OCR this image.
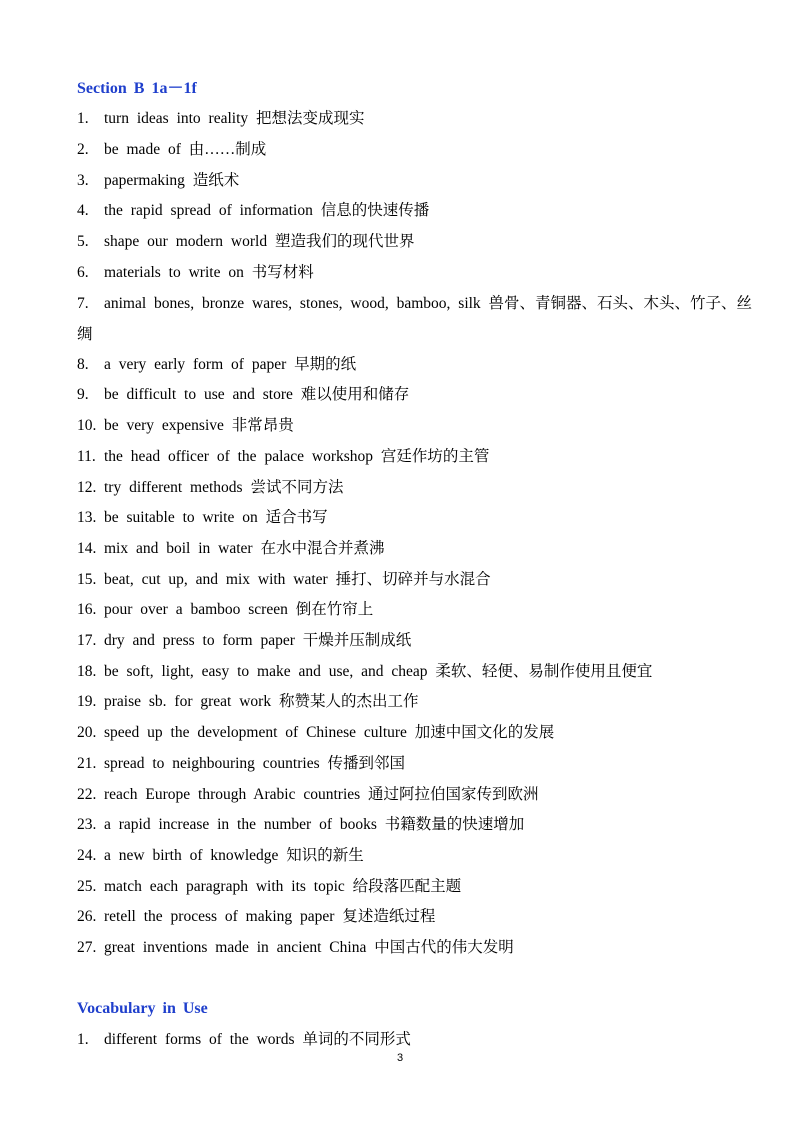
Section B 1a－1f
1. turn ideas into reality 把想法变成现实
2. be made of 由……制成
3. papermaking 造纸术
4. the rapid spread of information 信息的快速传播
5. shape our modern world 塑造我们的现代世界
6. materials to write on 书写材料
7. animal bones, bronze wares, stones, wood, bamboo, silk 兽骨、青铜器、石头、木头、竹子、丝绸
8. a very early form of paper 早期的纸
9. be difficult to use and store 难以使用和储存
10. be very expensive 非常昂贵
11. the head officer of the palace workshop 宫廷作坊的主管
12. try different methods 尝试不同方法
13. be suitable to write on 适合书写
14. mix and boil in water 在水中混合并煮沸
15. beat, cut up, and mix with water 捶打、切碎并与水混合
16. pour over a bamboo screen 倒在竹帘上
17. dry and press to form paper 干燥并压制成纸
18. be soft, light, easy to make and use, and cheap 柔软、轻便、易制作使用且便宜
19. praise sb. for great work 称赞某人的杰出工作
20. speed up the development of Chinese culture 加速中国文化的发展
21. spread to neighbouring countries 传播到邻国
22. reach Europe through Arabic countries 通过阿拉伯国家传到欧洲
23. a rapid increase in the number of books 书籍数量的快速增加
24. a new birth of knowledge 知识的新生
25. match each paragraph with its topic 给段落匹配主题
26. retell the process of making paper 复述造纸过程
27. great inventions made in ancient China 中国古代的伟大发明
Vocabulary in Use
1. different forms of the words 单词的不同形式
3
